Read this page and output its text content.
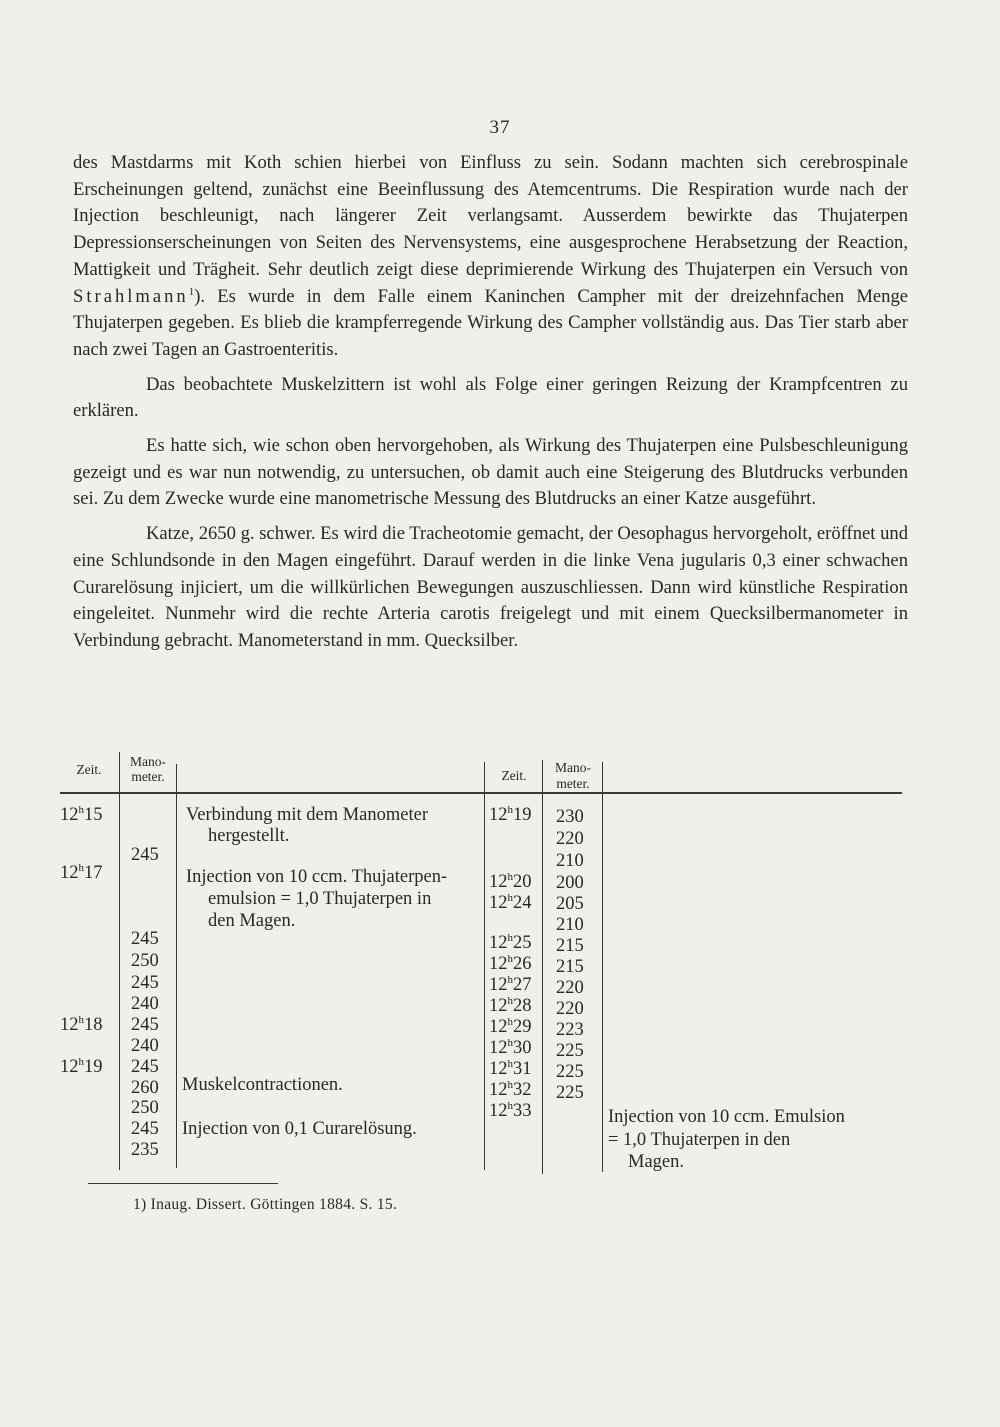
37

des Mastdarms mit Koth schien hierbei von Einfluss zu sein. Sodann machten sich cerebrospinale Erscheinungen geltend, zunächst eine Beeinflussung des Atemcentrums. Die Respiration wurde nach der Injection beschleunigt, nach längerer Zeit verlangsamt. Ausserdem bewirkte das Thujaterpen Depressionserscheinungen von Seiten des Nervensystems, eine ausgesprochene Herabsetzung der Reaction, Mattigkeit und Trägheit. Sehr deutlich zeigt diese deprimierende Wirkung des Thujaterpen ein Versuch von Strahlmann$^1$). Es wurde in dem Falle einem Kaninchen Campher mit der dreizehnfachen Menge Thujaterpen gegeben. Es blieb die krampferregende Wirkung des Campher vollständig aus. Das Tier starb aber nach zwei Tagen an Gastroenteritis.

Das beobachtete Muskelzittern ist wohl als Folge einer geringen Reizung der Krampfcentren zu erklären.

Es hatte sich, wie schon oben hervorgehoben, als Wirkung des Thujaterpen eine Pulsbeschleunigung gezeigt und es war nun notwendig, zu untersuchen, ob damit auch eine Steigerung des Blutdrucks verbunden sei. Zu dem Zwecke wurde eine manometrische Messung des Blutdrucks an einer Katze ausgeführt.

Katze, 2650 g. schwer. Es wird die Tracheotomie gemacht, der Oesophagus hervorgeholt, eröffnet und eine Schlundsonde in den Magen eingeführt. Darauf werden in die linke Vena jugularis 0,3 einer schwachen Curarelösung injiciert, um die willkürlichen Bewegungen auszuschliessen. Dann wird künstliche Respiration eingeleitet. Nunmehr wird die rechte Arteria carotis freigelegt und mit einem Quecksilbermanometer in Verbindung gebracht. Manometerstand in mm. Quecksilber.

Zeit.
Mano-
meter.	Zeit.
Mano-
meter.
12$^h$15
12$^h$17
12$^h$18
12$^h$19
245
245
250
245
240
245
240
245
260
250
245
235
Verbindung mit dem Manometer
hergestellt.
Injection von 10 ccm. Thujaterpen-
emulsion = 1,0 Thujaterpen in
den Magen.
Muskelcontractionen.
Injection von 0,1 Curarelösung.
12$^h$19
12$^h$20
12$^h$24
12$^h$25
12$^h$26
12$^h$27
12$^h$28
12$^h$29
12$^h$30
12$^h$31
12$^h$32
12$^h$33
230
220
210
200
205
210
215
215
220
220
223
225
225
225
Injection von 10 ccm. Emulsion
= 1,0 Thujaterpen in den
Magen.
1) Inaug. Dissert. Göttingen 1884. S. 15.
